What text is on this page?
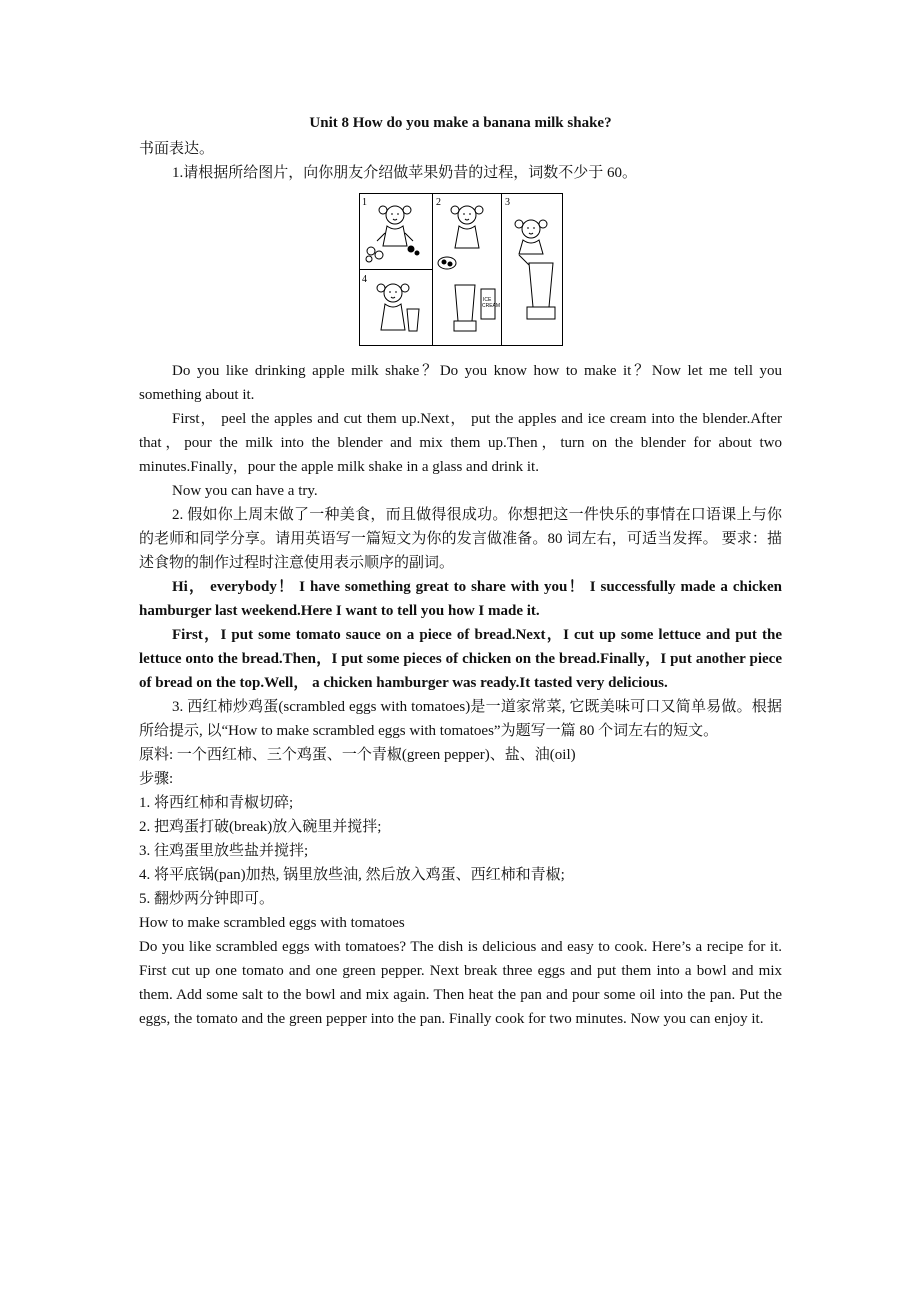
Unit 8 How do you make a banana milk shake?

书面表达。

1.请根据所给图片，向你朋友介绍做苹果奶昔的过程，词数不少于 60。

1	2	3
4
ICE
CREAM

Do you like drinking apple milk shake？Do you know how to make it？Now let me tell you something about it.

First， peel the apples and cut them up.Next， put the apples and ice cream into the blender.After that，pour the milk into the blender and mix them up.Then，turn on the blender for about two minutes.Finally，pour the apple milk shake in a glass and drink it.

Now you can have a try.

2. 假如你上周末做了一种美食，而且做得很成功。你想把这一件快乐的事情在口语课上与你的老师和同学分享。请用英语写一篇短文为你的发言做准备。80 词左右，可适当发挥。 要求：描述食物的制作过程时注意使用表示顺序的副词。

Hi， everybody！ I have something great to share with you！ I successfully made a chicken hamburger last weekend.Here I want to tell you how I made it.

First，I put some tomato sauce on a piece of bread.Next，I cut up some lettuce and put the lettuce onto the bread.Then，I put some pieces of chicken on the bread.Finally，I put another piece of bread on the top.Well， a chicken hamburger was ready.It tasted very delicious.

3. 西红柿炒鸡蛋(scrambled eggs with tomatoes)是一道家常菜, 它既美味可口又简单易做。根据所给提示, 以“How to make scrambled eggs with tomatoes”为题写一篇 80 个词左右的短文。

原料: 一个西红柿、三个鸡蛋、一个青椒(green pepper)、盐、油(oil)

步骤:

1. 将西红柿和青椒切碎;

2. 把鸡蛋打破(break)放入碗里并搅拌;

3. 往鸡蛋里放些盐并搅拌;

4. 将平底锅(pan)加热, 锅里放些油, 然后放入鸡蛋、西红柿和青椒;

5. 翻炒两分钟即可。

How to make scrambled eggs with tomatoes

Do you like scrambled eggs with tomatoes? The dish is delicious and easy to cook. Here’s a recipe for it. First cut up one tomato and one green pepper. Next break three eggs and put them into a bowl and mix them. Add some salt to the bowl and mix again. Then heat the pan and pour some oil into the pan. Put the eggs, the tomato and the green pepper into the pan. Finally cook for two minutes. Now you can enjoy it.
